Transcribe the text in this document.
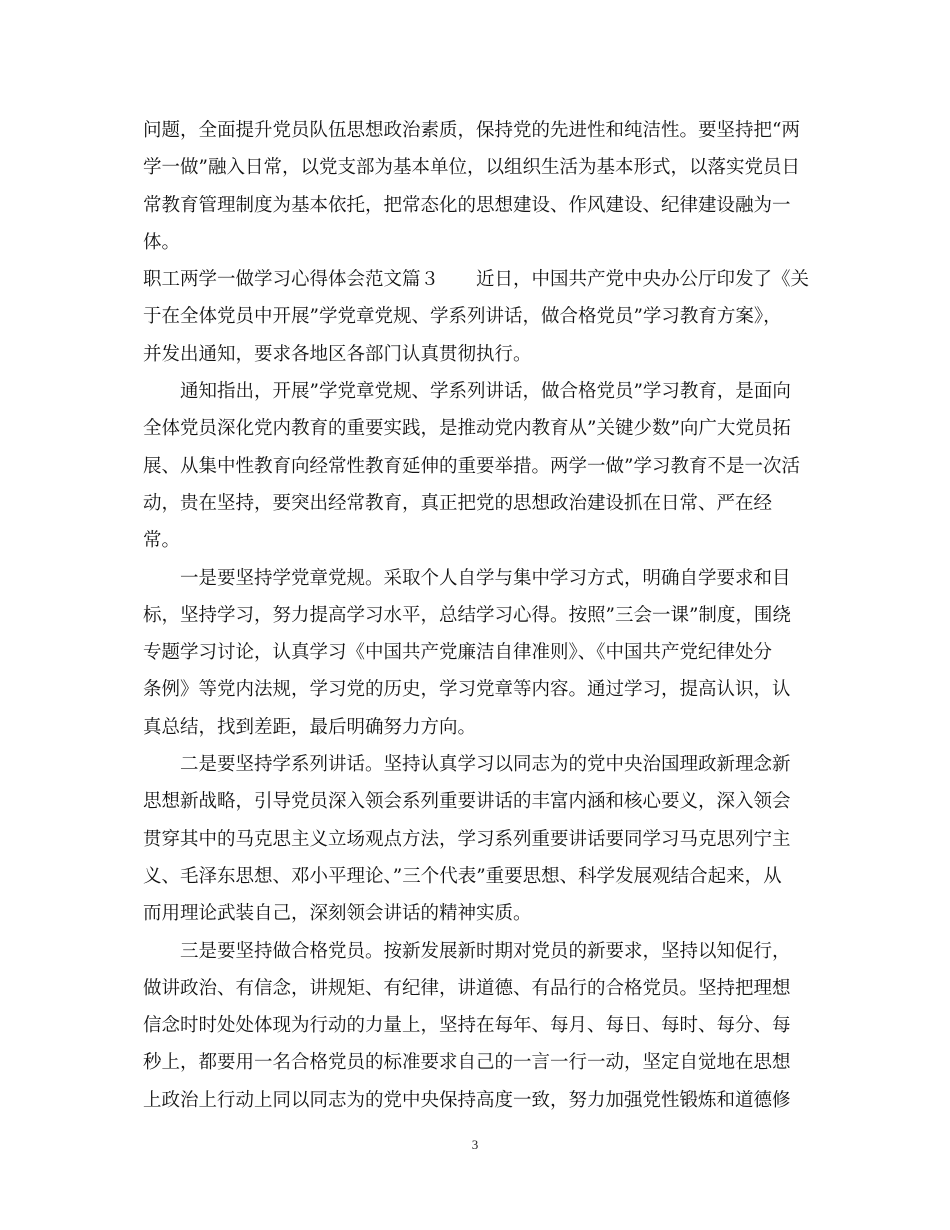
问题，全面提升党员队伍思想政治素质，保持党的先进性和纯洁性。要坚持把“两
学一做”融入日常，以党支部为基本单位，以组织生活为基本形式，以落实党员日
常教育管理制度为基本依托，把常态化的思想建设、作风建设、纪律建设融为一
体。

职工两学一做学习心得体会范文篇３　　近日，中国共产党中央办公厅印发了《关
于在全体党员中开展”学党章党规、学系列讲话，做合格党员”学习教育方案》，
并发出通知，要求各地区各部门认真贯彻执行。

通知指出，开展”学党章党规、学系列讲话，做合格党员”学习教育，是面向
全体党员深化党内教育的重要实践，是推动党内教育从”关键少数”向广大党员拓
展、从集中性教育向经常性教育延伸的重要举措。两学一做”学习教育不是一次活
动，贵在坚持，要突出经常教育，真正把党的思想政治建设抓在日常、严在经
常。

一是要坚持学党章党规。采取个人自学与集中学习方式，明确自学要求和目
标，坚持学习，努力提高学习水平，总结学习心得。按照”三会一课”制度，围绕
专题学习讨论，认真学习《中国共产党廉洁自律准则》、《中国共产党纪律处分
条例》等党内法规，学习党的历史，学习党章等内容。通过学习，提高认识，认
真总结，找到差距，最后明确努力方向。

二是要坚持学系列讲话。坚持认真学习以同志为的党中央治国理政新理念新
思想新战略，引导党员深入领会系列重要讲话的丰富内涵和核心要义，深入领会
贯穿其中的马克思主义立场观点方法，学习系列重要讲话要同学习马克思列宁主
义、毛泽东思想、邓小平理论、”三个代表”重要思想、科学发展观结合起来，从
而用理论武装自己，深刻领会讲话的精神实质。

三是要坚持做合格党员。按新发展新时期对党员的新要求，坚持以知促行，
做讲政治、有信念，讲规矩、有纪律，讲道德、有品行的合格党员。坚持把理想
信念时时处处体现为行动的力量上，坚持在每年、每月、每日、每时、每分、每
秒上，都要用一名合格党员的标准要求自己的一言一行一动，坚定自觉地在思想
上政治上行动上同以同志为的党中央保持高度一致，努力加强党性锻炼和道德修

3
